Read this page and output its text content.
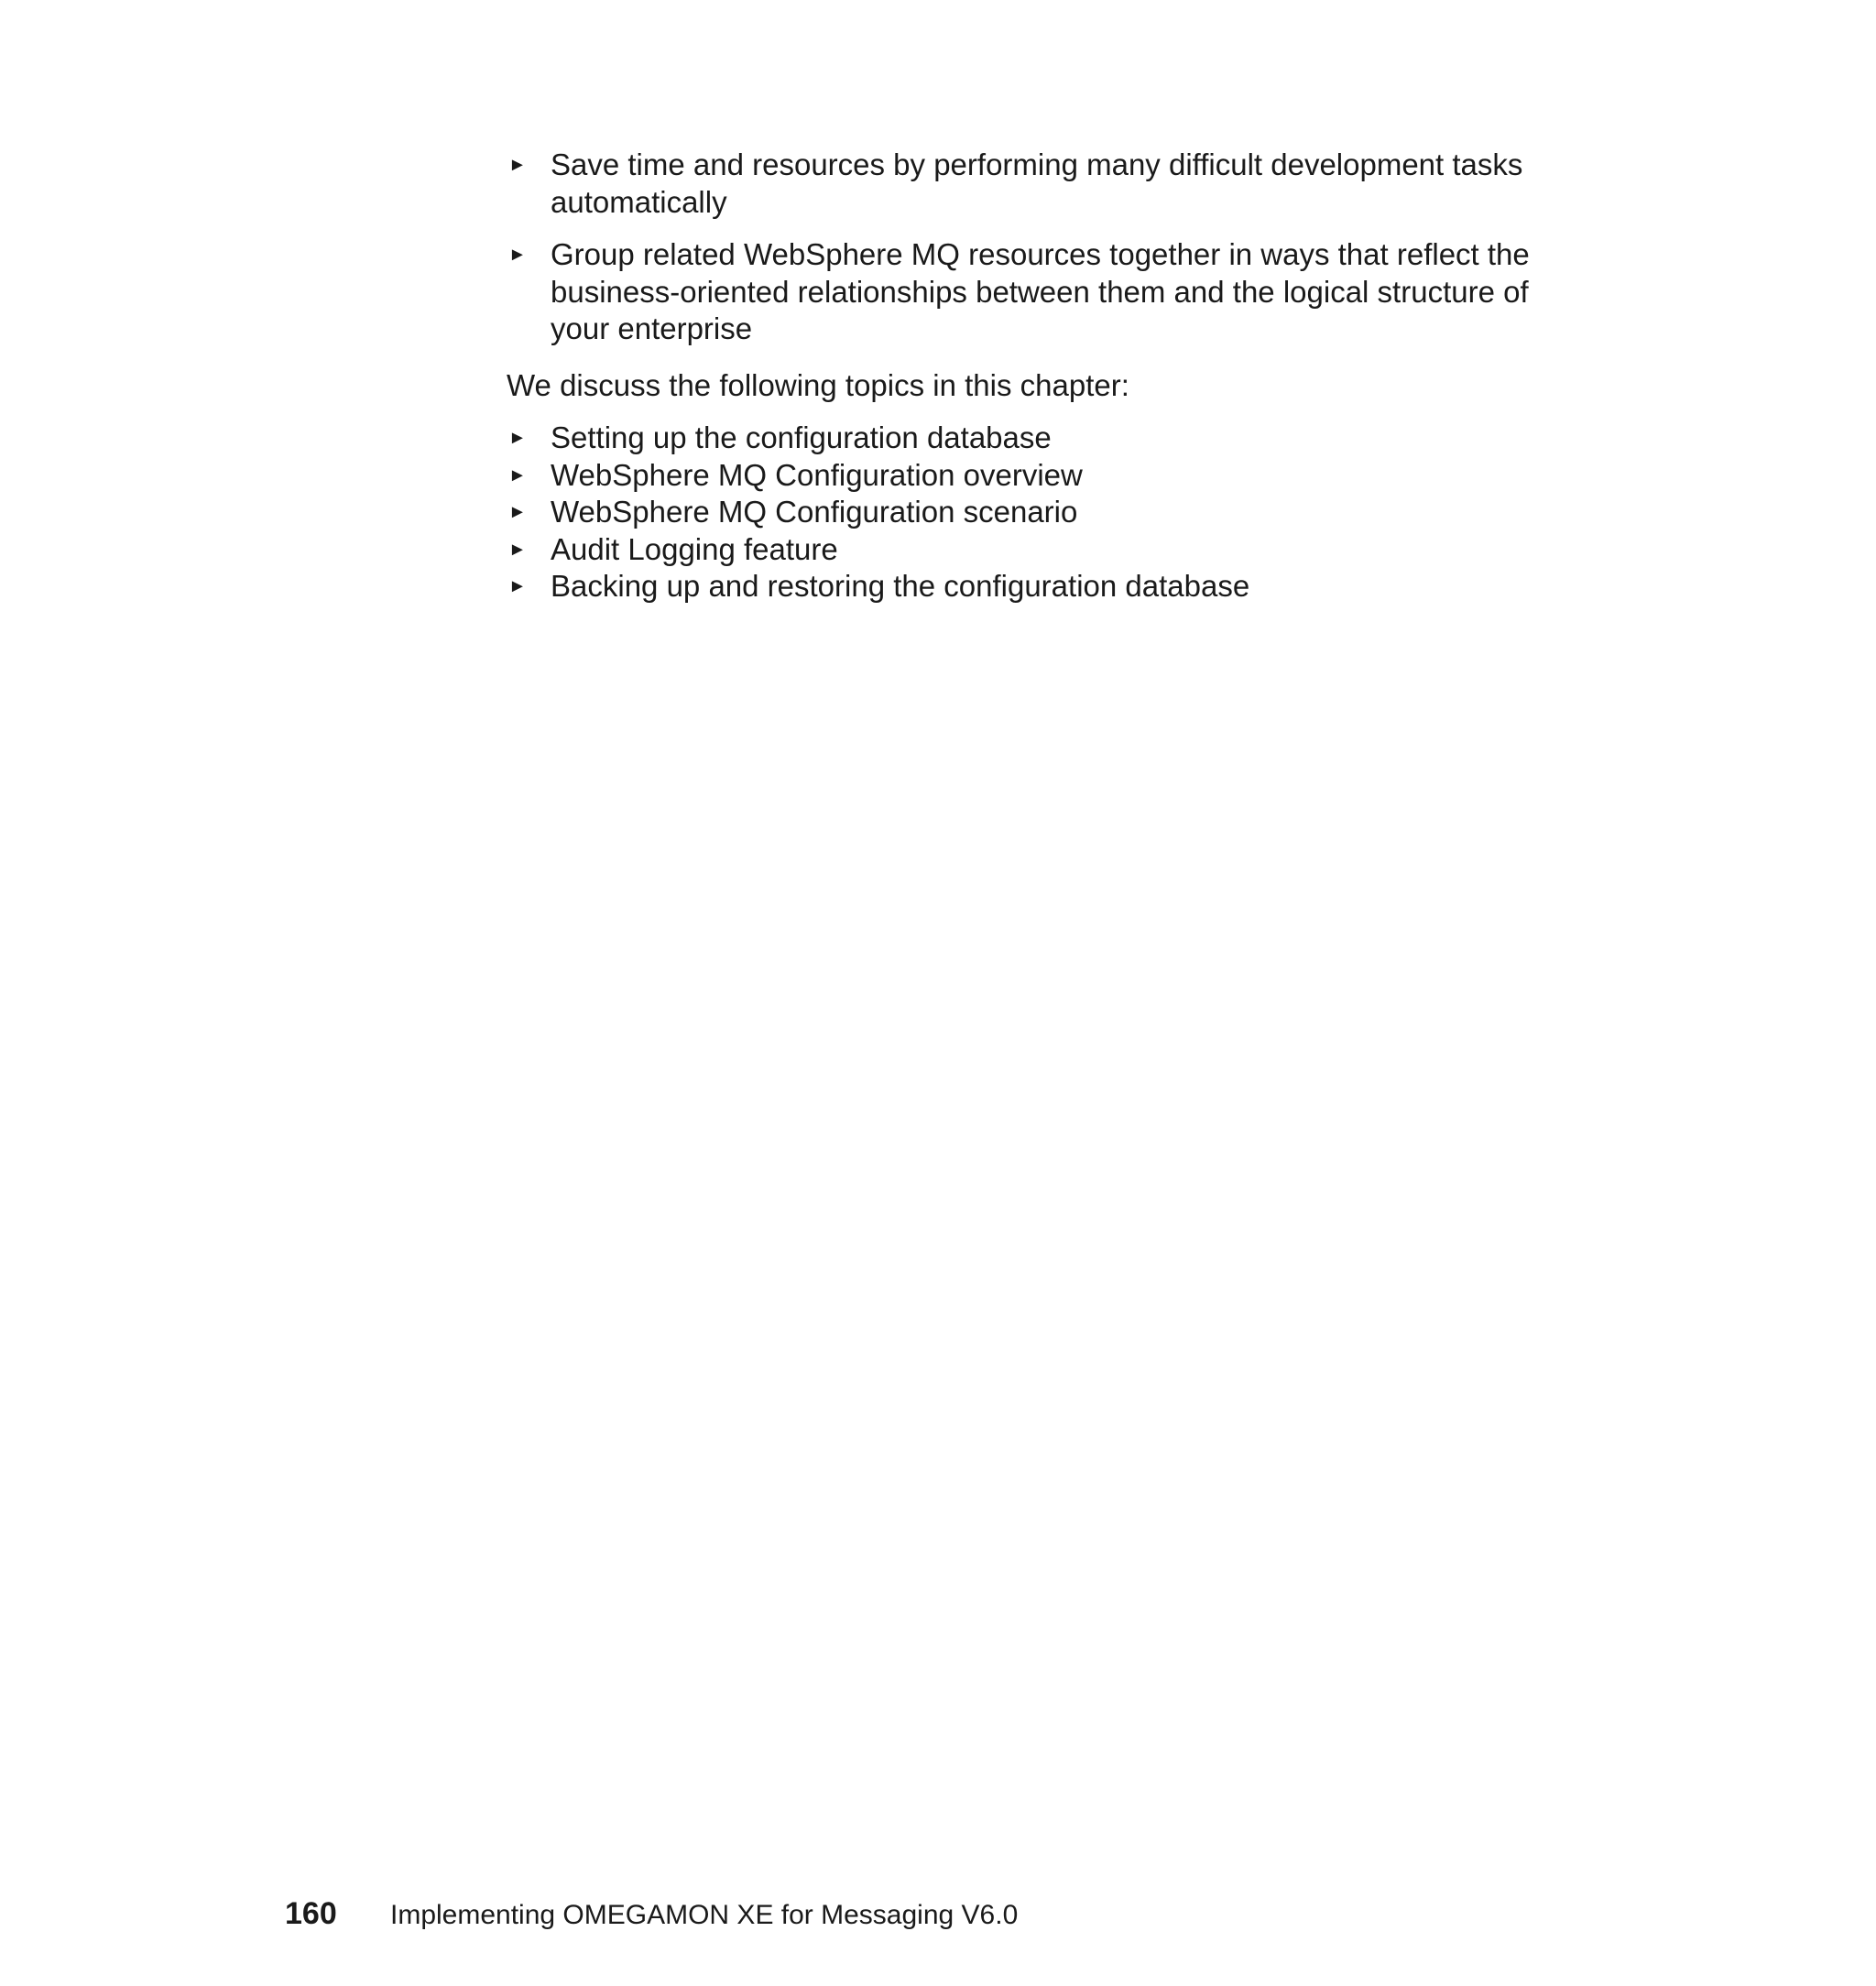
► Save time and resources by performing many difficult development tasks automatically
► Group related WebSphere MQ resources together in ways that reflect the business-oriented relationships between them and the logical structure of your enterprise

We discuss the following topics in this chapter:

► Setting up the configuration database
► WebSphere MQ Configuration overview
► WebSphere MQ Configuration scenario
► Audit Logging feature
► Backing up and restoring the configuration database
160 Implementing OMEGAMON XE for Messaging V6.0
